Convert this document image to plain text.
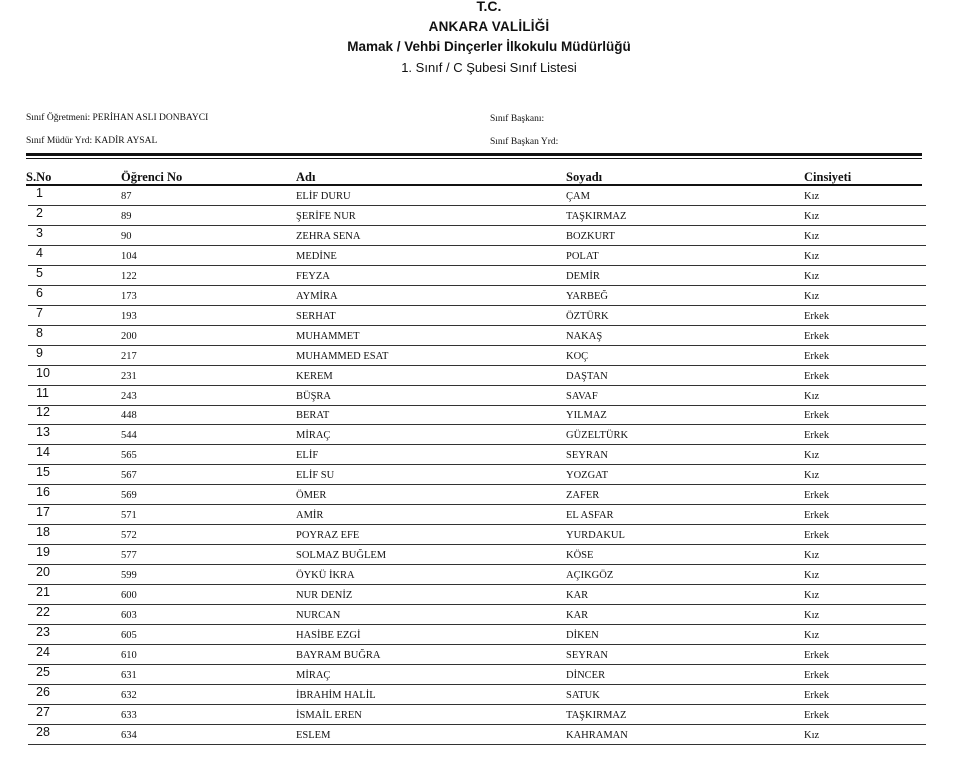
T.C.
ANKARA VALİLİĞİ
Mamak / Vehbi Dinçerler İlkokulu Müdürlüğü
1. Sınıf / C Şubesi Sınıf Listesi
Sınıf Öğretmeni: PERİHAN ASLI DONBAYCI
Sınıf Müdür Yrd: KADİR AYSAL
Sınıf Başkanı:
Sınıf Başkan Yrd:
S.No	Öğrenci No	Adı	Soyadı	Cinsiyeti
1	87	ELİF DURU	ÇAM	Kız
2	89	ŞERİFE NUR	TAŞKIRMAZ	Kız
3	90	ZEHRA SENA	BOZKURT	Kız
4	104	MEDİNE	POLAT	Kız
5	122	FEYZA	DEMİR	Kız
6	173	AYMİRA	YARBEĞ	Kız
7	193	SERHAT	ÖZTÜRK	Erkek
8	200	MUHAMMET	NAKAŞ	Erkek
9	217	MUHAMMED ESAT	KOÇ	Erkek
10	231	KEREM	DAŞTAN	Erkek
11	243	BÜŞRA	SAVAF	Kız
12	448	BERAT	YILMAZ	Erkek
13	544	MİRAÇ	GÜZELTÜRK	Erkek
14	565	ELİF	SEYRAN	Kız
15	567	ELİF SU	YOZGAT	Kız
16	569	ÖMER	ZAFER	Erkek
17	571	AMİR	EL ASFAR	Erkek
18	572	POYRAZ EFE	YURDAKUL	Erkek
19	577	SOLMAZ BUĞLEM	KÖSE	Kız
20	599	ÖYKÜ İKRA	AÇIKGÖZ	Kız
21	600	NUR DENİZ	KAR	Kız
22	603	NURCAN	KAR	Kız
23	605	HASİBE EZGİ	DİKEN	Kız
24	610	BAYRAM BUĞRA	SEYRAN	Erkek
25	631	MİRAÇ	DİNCER	Erkek
26	632	İBRAHİM HALİL	SATUK	Erkek
27	633	İSMAİL EREN	TAŞKIRMAZ	Erkek
28	634	ESLEM	KAHRAMAN	Kız
